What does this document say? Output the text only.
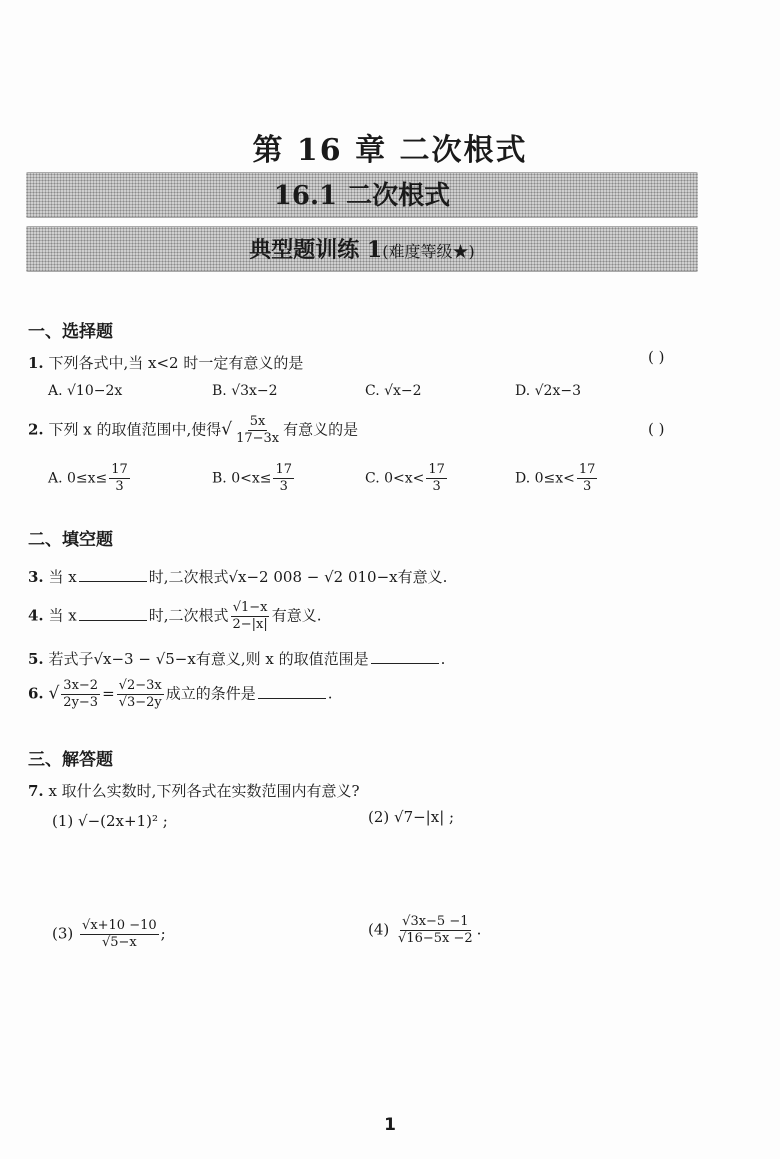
第 16 章 二次根式
16.1 二次根式
典型题训练 1(难度等级★)
一、选择题
1. 下列各式中,当 x<2 时一定有意义的是	( )
A. √10−2x	B. √3x−2	C. √x−2	D. √2x−3
2. 下列 x 的取值范围中,使得√ $\frac{5x}{17-3x}$ 有意义的是	( )
A. $0\le x\le \frac{17}{3}$	B. $0<x\le \frac{17}{3}$	C. $0<x< \frac{17}{3}$	D. $0\le x< \frac{17}{3}$
二、填空题
3. 当 x	时,二次根式√x−2 008 − √2 010−x有意义.
4. 当 x	时,二次根式 $\frac{√1-x}{2-|x|}$ 有意义.
5. 若式子√x−3 − √5−x有意义,则 x 的取值范围是	.
6. √ $\frac{3x-2}{2y-3} = \frac{√2-3x}{√3-2y}$ 成立的条件是	.
三、解答题
7. x 取什么实数时,下列各式在实数范围内有意义?
(1) √−(2x+1)² ;	(2) √7−|x| ;
$(3) \frac{√x+10 -10}{√5-x}$ ;	$(4) \frac{√3x-5 -1}{√16-5x -2}$ .
1
